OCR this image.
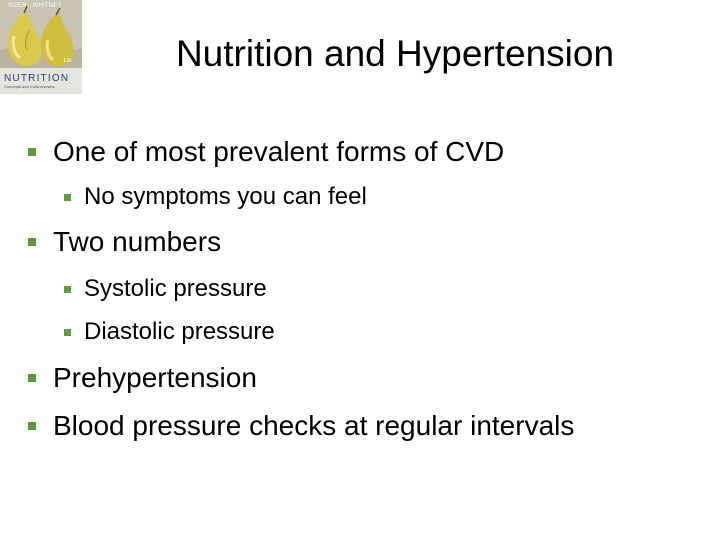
SIZER · WHITNEY
12e
NUTRITION
Concepts and Controversies
Nutrition and Hypertension
One of most prevalent forms of CVD
No symptoms you can feel
Two numbers
Systolic pressure
Diastolic pressure
Prehypertension
Blood pressure checks at regular intervals
